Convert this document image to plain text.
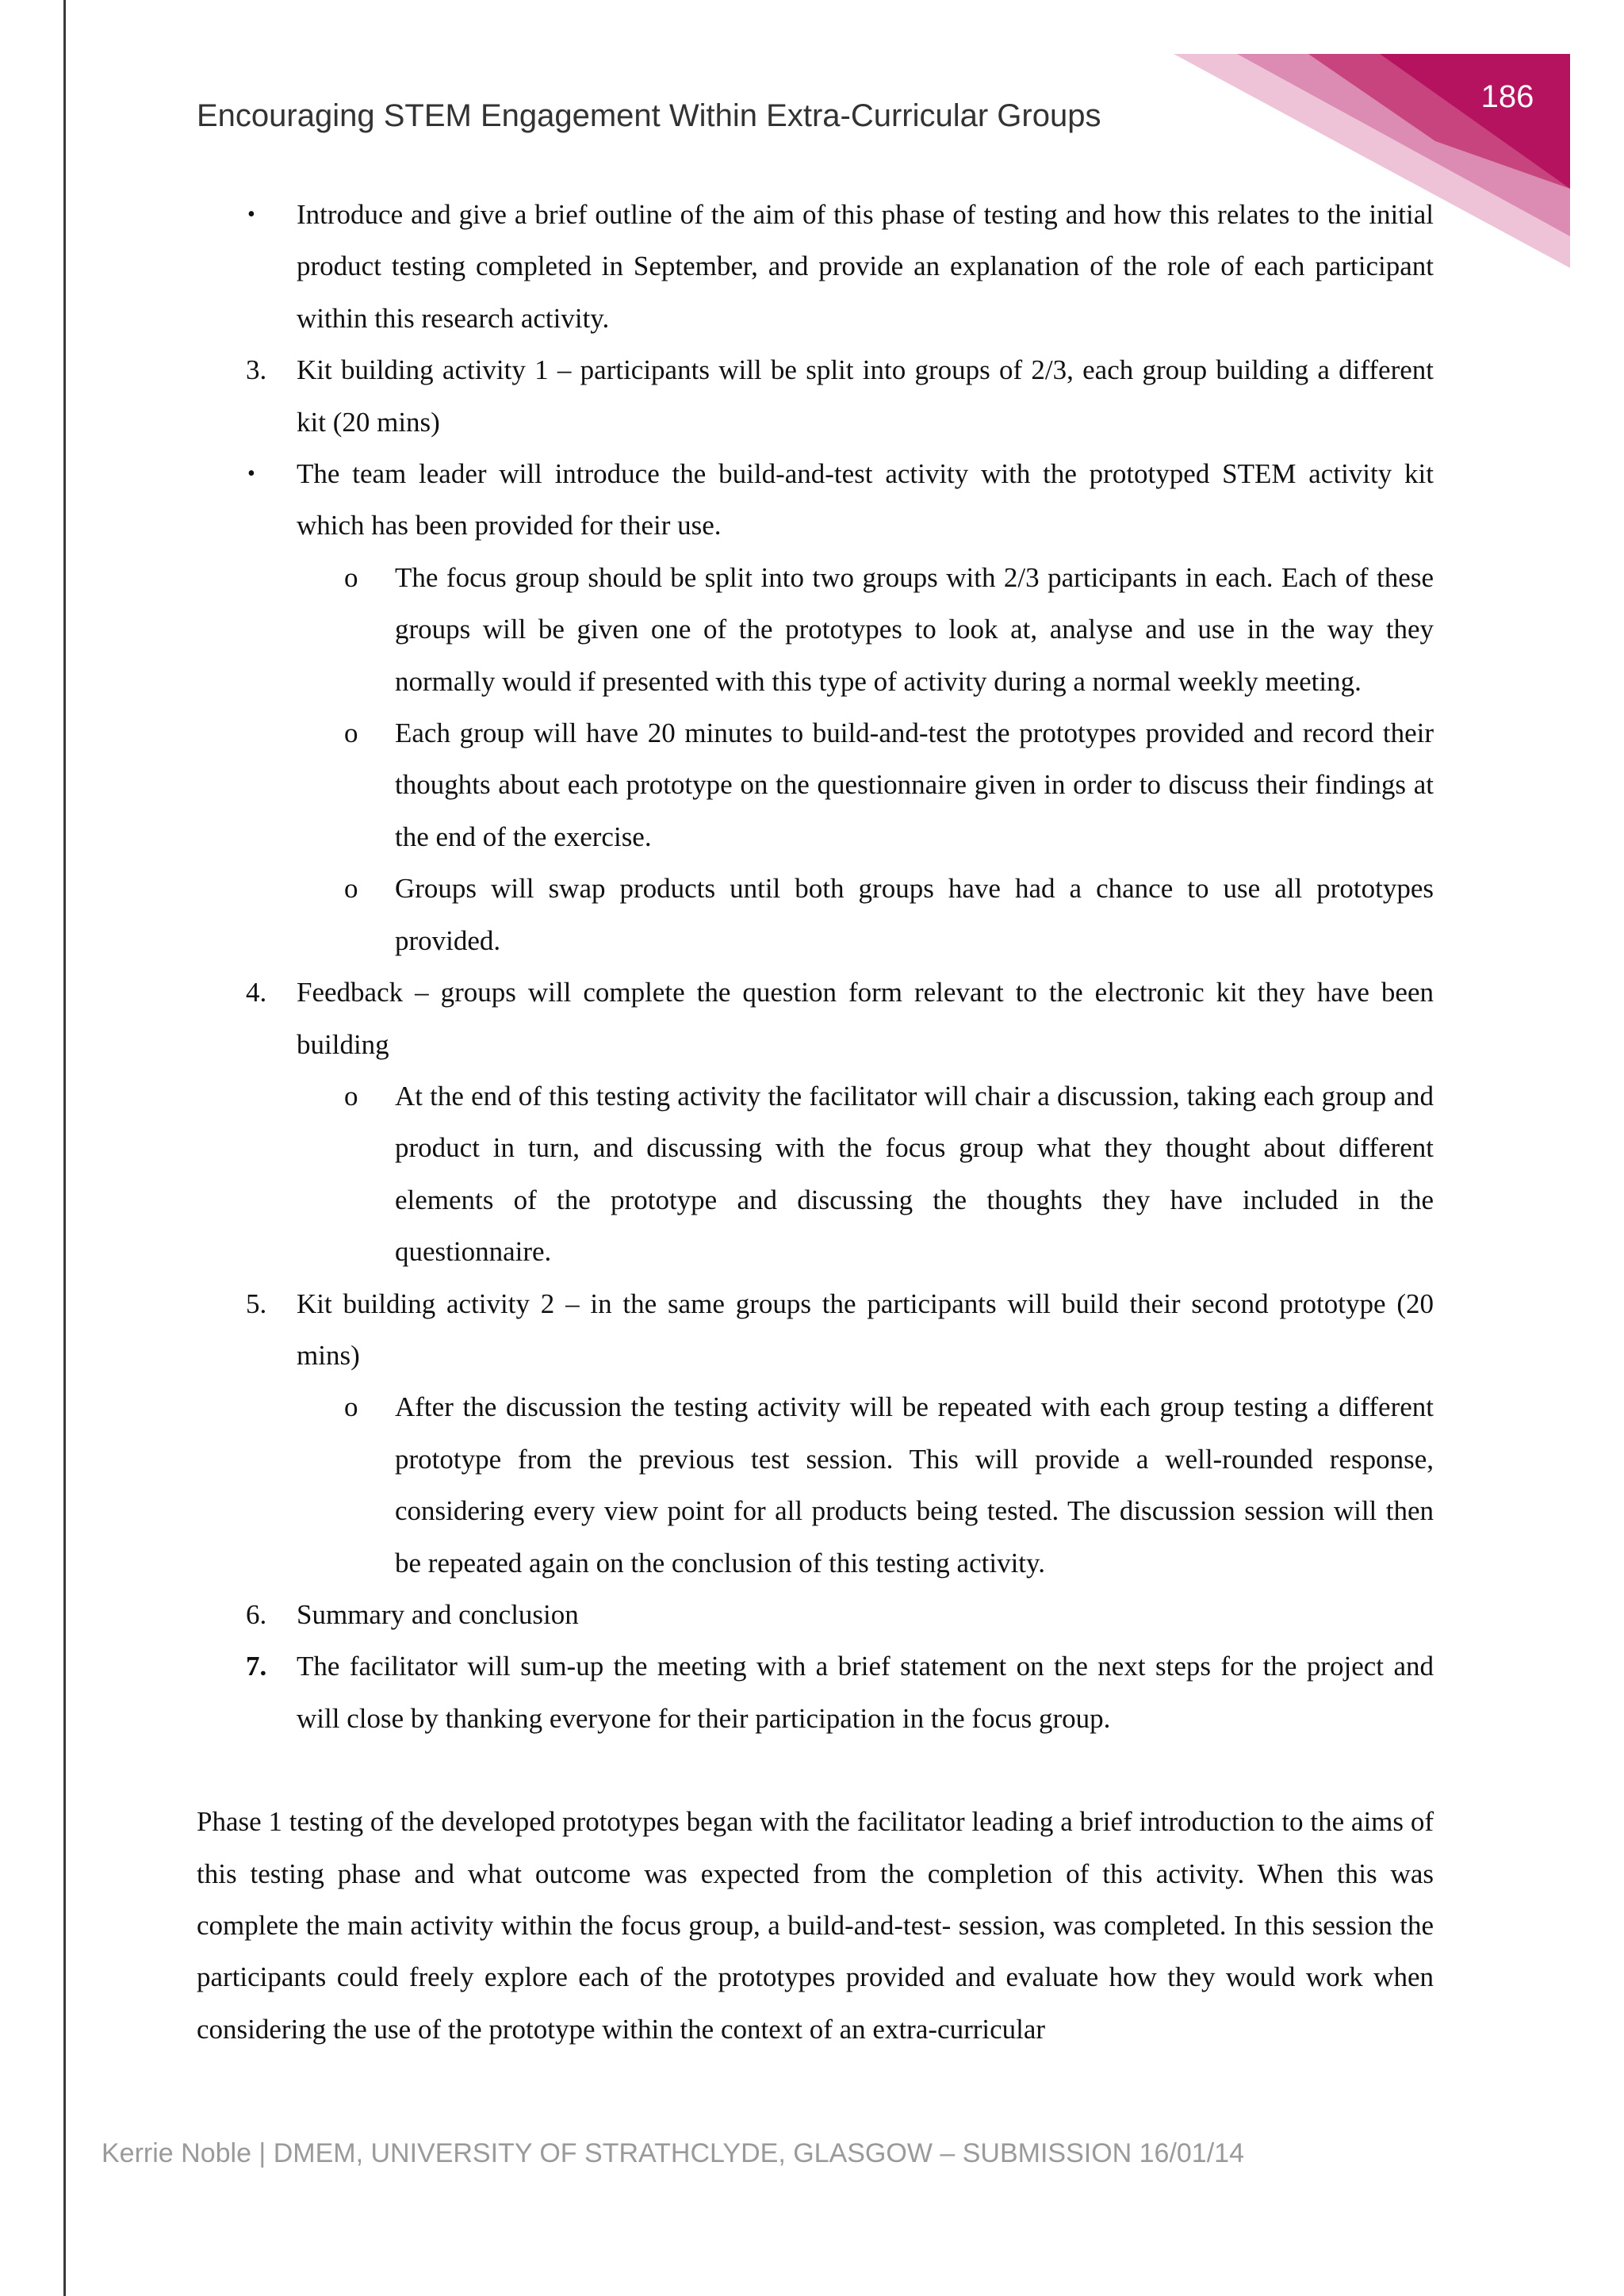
186
Encouraging STEM Engagement Within Extra-Curricular Groups
• Introduce and give a brief outline of the aim of this phase of testing and how this relates to the initial product testing completed in September, and provide an explanation of the role of each participant within this research activity.
3. Kit building activity 1 – participants will be split into groups of 2/3, each group building a different kit (20 mins)
• The team leader will introduce the build-and-test activity with the prototyped STEM activity kit which has been provided for their use.
o The focus group should be split into two groups with 2/3 participants in each. Each of these groups will be given one of the prototypes to look at, analyse and use in the way they normally would if presented with this type of activity during a normal weekly meeting.
o Each group will have 20 minutes to build-and-test the prototypes provided and record their thoughts about each prototype on the questionnaire given in order to discuss their findings at the end of the exercise.
o Groups will swap products until both groups have had a chance to use all prototypes provided.
4. Feedback – groups will complete the question form relevant to the electronic kit they have been building
o At the end of this testing activity the facilitator will chair a discussion, taking each group and product in turn, and discussing with the focus group what they thought about different elements of the prototype and discussing the thoughts they have included in the questionnaire.
5. Kit building activity 2 – in the same groups the participants will build their second prototype (20 mins)
o After the discussion the testing activity will be repeated with each group testing a different prototype from the previous test session. This will provide a well-rounded response, considering every view point for all products being tested. The discussion session will then be repeated again on the conclusion of this testing activity.
6. Summary and conclusion
7. The facilitator will sum-up the meeting with a brief statement on the next steps for the project and will close by thanking everyone for their participation in the focus group.

Phase 1 testing of the developed prototypes began with the facilitator leading a brief introduction to the aims of this testing phase and what outcome was expected from the completion of this activity. When this was complete the main activity within the focus group, a build-and-test- session, was completed. In this session the participants could freely explore each of the prototypes provided and evaluate how they would work when considering the use of the prototype within the context of an extra-curricular

Kerrie Noble | DMEM, UNIVERSITY OF STRATHCLYDE, GLASGOW – SUBMISSION 16/01/14
